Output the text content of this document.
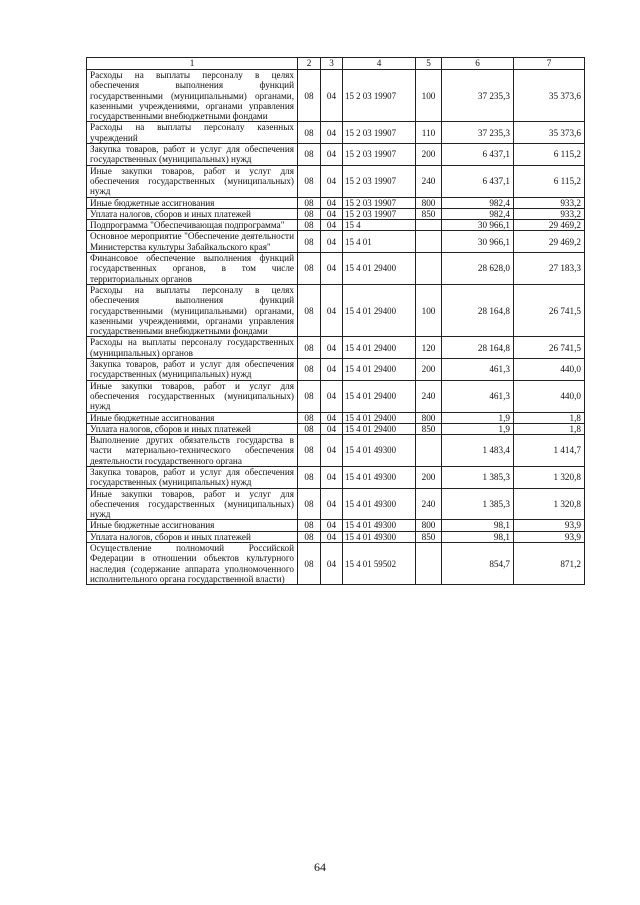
1	2	3	4	5	6	7
Расходы на выплаты персоналу в целях обеспечения выполнения функций государственными (муниципальными) органами, казенными учреждениями, органами управления государственными внебюджетными фондами	08	04	15 2 03 19907	100	37 235,3	35 373,6
Расходы на выплаты персоналу казенных учреждений	08	04	15 2 03 19907	110	37 235,3	35 373,6
Закупка товаров, работ и услуг для обеспечения государственных (муниципальных) нужд	08	04	15 2 03 19907	200	6 437,1	6 115,2
Иные закупки товаров, работ и услуг для обеспечения государственных (муниципальных) нужд	08	04	15 2 03 19907	240	6 437,1	6 115,2
Иные бюджетные ассигнования	08	04	15 2 03 19907	800	982,4	933,2
Уплата налогов, сборов и иных платежей	08	04	15 2 03 19907	850	982,4	933,2
Подпрограмма "Обеспечивающая подпрограмма"	08	04	15 4		30 966,1	29 469,2
Основное мероприятие "Обеспечение деятельности Министерства культуры Забайкальского края"	08	04	15 4 01		30 966,1	29 469,2
Финансовое обеспечение выполнения функций государственных органов, в том числе территориальных органов	08	04	15 4 01 29400		28 628,0	27 183,3
Расходы на выплаты персоналу в целях обеспечения выполнения функций государственными (муниципальными) органами, казенными учреждениями, органами управления государственными внебюджетными фондами	08	04	15 4 01 29400	100	28 164,8	26 741,5
Расходы на выплаты персоналу государственных (муниципальных) органов	08	04	15 4 01 29400	120	28 164,8	26 741,5
Закупка товаров, работ и услуг для обеспечения государственных (муниципальных) нужд	08	04	15 4 01 29400	200	461,3	440,0
Иные закупки товаров, работ и услуг для обеспечения государственных (муниципальных) нужд	08	04	15 4 01 29400	240	461,3	440,0
Иные бюджетные ассигнования	08	04	15 4 01 29400	800	1,9	1,8
Уплата налогов, сборов и иных платежей	08	04	15 4 01 29400	850	1,9	1,8
Выполнение других обязательств государства в части материально-технического обеспечения деятельности государственного органа	08	04	15 4 01 49300		1 483,4	1 414,7
Закупка товаров, работ и услуг для обеспечения государственных (муниципальных) нужд	08	04	15 4 01 49300	200	1 385,3	1 320,8
Иные закупки товаров, работ и услуг для обеспечения государственных (муниципальных) нужд	08	04	15 4 01 49300	240	1 385,3	1 320,8
Иные бюджетные ассигнования	08	04	15 4 01 49300	800	98,1	93,9
Уплата налогов, сборов и иных платежей	08	04	15 4 01 49300	850	98,1	93,9
Осуществление полномочий Российской Федерации в отношении объектов культурного наследия (содержание аппарата уполномоченного исполнительного органа государственной власти)	08	04	15 4 01 59502		854,7	871,2
64
